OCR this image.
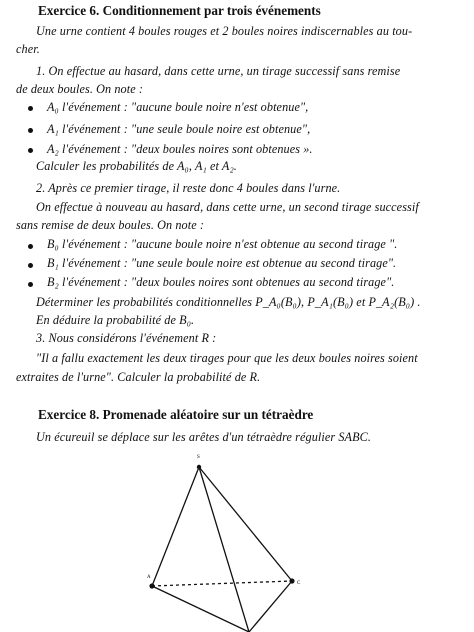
Exercice 6. Conditionnement par trois événements
Une urne contient 4 boules rouges et 2 boules noires indiscernables au tou-
cher.
1. On effectue au hasard, dans cette urne, un tirage successif sans remise
de deux boules. On note :
A₀ l'événement : "aucune boule noire n'est obtenue",
A₁ l'événement : "une seule boule noire est obtenue",
A₂ l'événement : "deux boules noires sont obtenues ».
Calculer les probabilités de A₀, A₁ et A₂.
2. Après ce premier tirage, il reste donc 4 boules dans l'urne.
On effectue à nouveau au hasard, dans cette urne, un second tirage successif
sans remise de deux boules. On note :
B₀ l'événement : "aucune boule noire n'est obtenue au second tirage ".
B₁ l'événement : "une seule boule noire est obtenue au second tirage".
B₂ l'événement : "deux boules noires sont obtenues au second tirage".
Déterminer les probabilités conditionnelles P_A₀(B₀), P_A₁(B₀) et P_A₂(B₀) .
En déduire la probabilité de B₀.
3. Nous considérons l'événement R :
"Il a fallu exactement les deux tirages pour que les deux boules noires soient
extraites de l'urne". Calculer la probabilité de R.
Exercice 8. Promenade aléatoire sur un tétraèdre
Un écureuil se déplace sur les arêtes d'un tétraèdre régulier SABC.
S
A
C
